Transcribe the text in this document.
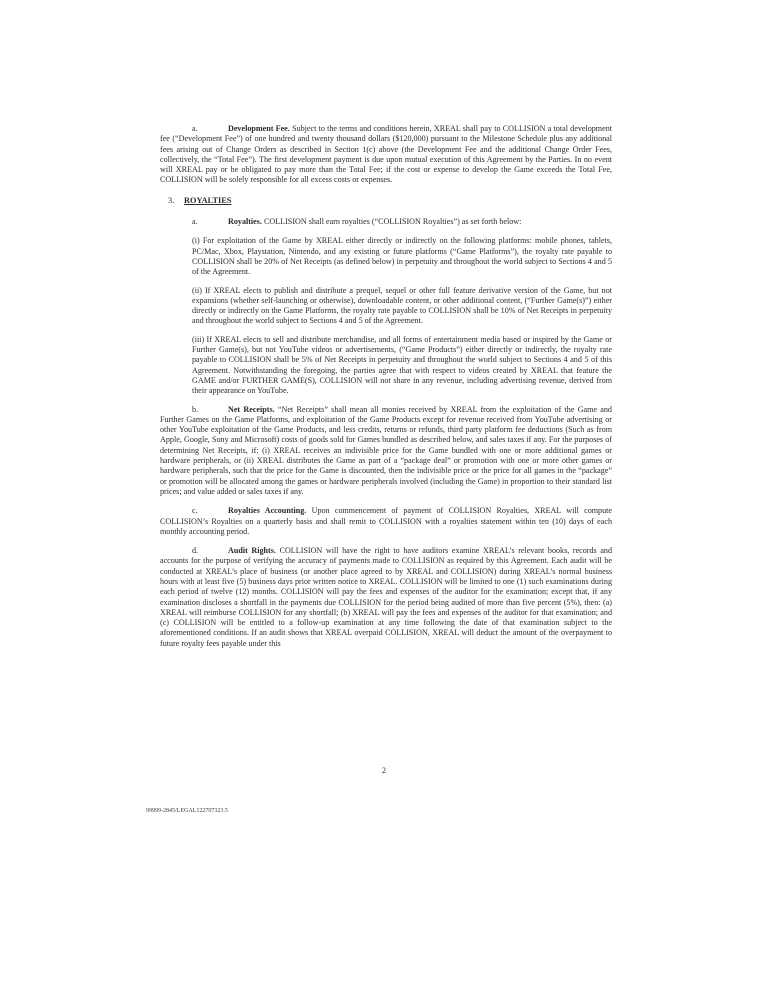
a.	Development Fee. Subject to the terms and conditions herein, XREAL shall pay to COLLISION a total development fee (“Development Fee”) of one hundred and twenty thousand dollars ($120,000) pursuant to the Milestone Schedule plus any additional fees arising out of Change Orders as described in Section 1(c) above (the Development Fee and the additional Change Order Fees, collectively, the “Total Fee”). The first development payment is due upon mutual execution of this Agreement by the Parties. In no event will XREAL pay or be obligated to pay more than the Total Fee; if the cost or expense to develop the Game exceeds the Total Fee, COLLISION will be solely responsible for all excess costs or expenses.

3. ROYALTIES

a.	Royalties. COLLISION shall earn royalties (“COLLISION Royalties”) as set forth below:

(i) For exploitation of the Game by XREAL either directly or indirectly on the following platforms: mobile phones, tablets, PC/Mac, Xbox, Playstation, Nintendo, and any existing or future platforms (“Game Platforms”), the royalty rate payable to COLLISION shall be 20% of Net Receipts (as defined below) in perpetuity and throughout the world subject to Sections 4 and 5 of the Agreement.

(ii) If XREAL elects to publish and distribute a prequel, sequel or other full feature derivative version of the Game, but not expansions (whether self-launching or otherwise), downloadable content, or other additional content, (“Further Game(s)”) either directly or indirectly on the Game Platforms, the royalty rate payable to COLLISION shall be 10% of Net Receipts in perpetuity and throughout the world subject to Sections 4 and 5 of the Agreement.

(iii) If XREAL elects to sell and distribute merchandise, and all forms of entertainment media based or inspired by the Game or Further Game(s), but not YouTube videos or advertisements, (“Game Products”) either directly or indirectly, the royalty rate payable to COLLISION shall be 5% of Net Receipts in perpetuity and throughout the world subject to Sections 4 and 5 of this Agreement. Notwithstanding the foregoing, the parties agree that with respect to videos created by XREAL that feature the GAME and/or FURTHER GAME(S), COLLISION will not share in any revenue, including advertising revenue, derived from their appearance on YouTube.

b.	Net Receipts. “Net Receipts” shall mean all monies received by XREAL from the exploitation of the Game and Further Games on the Game Platforms, and exploitation of the Game Products except for revenue received from YouTube advertising or other YouTube exploitation of the Game Products, and less credits, returns or refunds, third party platform fee deductions (Such as from Apple, Google, Sony and Microsoft) costs of goods sold for Games bundled as described below, and sales taxes if any. For the purposes of determining Net Receipts, if: (i) XREAL receives an indivisible price for the Game bundled with one or more additional games or hardware peripherals, or (ii) XREAL distributes the Game as part of a “package deal” or promotion with one or more other games or hardware peripherals, such that the price for the Game is discounted, then the indivisible price or the price for all games in the “package” or promotion will be allocated among the games or hardware peripherals involved (including the Game) in proportion to their standard list prices; and value added or sales taxes if any.

c.	Royalties Accounting. Upon commencement of payment of COLLISION Royalties, XREAL will compute COLLISION’s Royalties on a quarterly basis and shall remit to COLLISION with a royalties statement within ten (10) days of each monthly accounting period.

d.	Audit Rights. COLLISION will have the right to have auditors examine XREAL’s relevant books, records and accounts for the purpose of verifying the accuracy of payments made to COLLISION as required by this Agreement. Each audit will be conducted at XREAL’s place of business (or another place agreed to by XREAL and COLLISION) during XREAL’s normal business hours with at least five (5) business days prior written notice to XREAL. COLLISION will be limited to one (1) such examinations during each period of twelve (12) months. COLLISION will pay the fees and expenses of the auditor for the examination; except that, if any examination discloses a shortfall in the payments due COLLISION for the period being audited of more than five percent (5%), then: (a) XREAL will reimburse COLLISION for any shortfall; (b) XREAL will pay the fees and expenses of the auditor for that examination; and (c) COLLISION will be entitled to a follow-up examination at any time following the date of that examination subject to the aforementioned conditions. If an audit shows that XREAL overpaid COLLISION, XREAL will deduct the amount of the overpayment to future royalty fees payable under this

2
99999-2845/LEGAL122707323.5
